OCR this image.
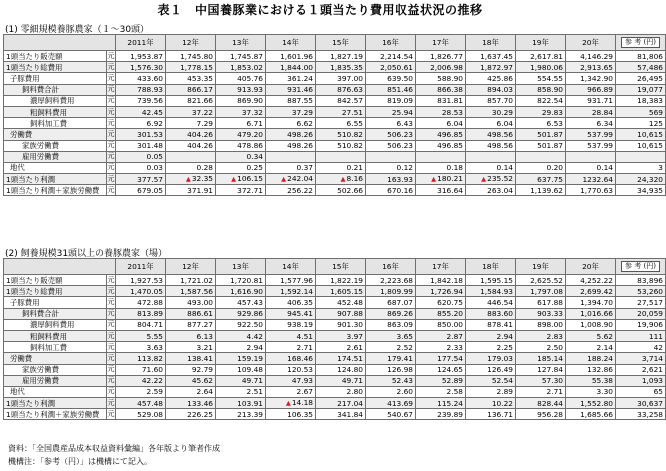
表１　中国養豚業における１頭当たり費用収益状況の推移
(1) 零細規模養豚農家（１〜30頭）
		2011年	12年	13年	14年	15年	16年	17年	18年	19年	20年	参 考 (円)
1頭当たり販売額	元	1,953.87	1,745.80	1,745.87	1,601.96	1,827.19	2,214.54	1,826.77	1,637.45	2,617.81	4,146.29	81,806
1頭当たり総費用	元	1,576.30	1,778.15	1,853.02	1,844.00	1,835.35	2,050.61	2,006.98	1,872.97	1,980.06	2,913.65	57,486
子豚費用	元	433.60	453.35	405.76	361.24	397.00	639.50	588.90	425.86	554.55	1,342.90	26,495
飼料費合計	元	788.93	866.17	913.93	931.46	876.63	851.46	866.38	894.03	858.90	966.89	19,077
濃厚飼料費用	元	739.56	821.66	869.90	887.55	842.57	819.09	831.81	857.70	822.54	931.71	18,383
粗飼料費用	元	42.45	37.22	37.32	37.29	27.51	25.94	28.53	30.29	29.83	28.84	569
飼料加工費	元	6.92	7.29	6.71	6.62	6.55	6.43	6.04	6.04	6.53	6.34	125
労働費	元	301.53	404.26	479.20	498.26	510.82	506.23	496.85	498.56	501.87	537.99	10,615
家族労働費	元	301.48	404.26	478.86	498.26	510.82	506.23	496.85	498.56	501.87	537.99	10,615
雇用労働費	元	0.05		0.34								
地代	元	0.03	0.28	0.25	0.37	0.21	0.12	0.18	0.14	0.20	0.14	3
1頭当たり利潤	元	377.57	▲32.35	▲106.15	▲242.04	▲8.16	163.93	▲180.21	▲235.52	637.75	1232.64	24,320
1頭当たり利潤＋家族労働費	元	679.05	371.91	372.71	256.22	502.66	670.16	316.64	263.04	1,139.62	1,770.63	34,935
(2) 飼養規模31頭以上の養豚農家（場）
		2011年	12年	13年	14年	15年	16年	17年	18年	19年	20年	参 考 (円)
1頭当たり販売額	元	1,927.53	1,721.02	1,720.81	1,577.96	1,822.19	2,223.68	1,842.18	1,595.15	2,625.52	4,252.22	83,896
1頭当たり総費用	元	1,470.05	1,587.56	1,616.90	1,592.14	1,605.15	1,809.99	1,726.94	1,584.93	1,797.08	2,699.42	53,260
子豚費用	元	472.88	493.00	457.43	406.35	452.48	687.07	620.75	446.54	617.88	1,394.70	27,517
飼料費合計	元	813.89	886.61	929.86	945.41	907.88	869.26	855.20	883.60	903.33	1,016.66	20,059
濃厚飼料費用	元	804.71	877.27	922.50	938.19	901.30	863.09	850.00	878.41	898.00	1,008.90	19,906
粗飼料費用	元	5.55	6.13	4.42	4.51	3.97	3.65	2.87	2.94	2.83	5.62	111
飼料加工費	元	3.63	3.21	2.94	2.71	2.61	2.52	2.33	2.25	2.50	2.14	42
労働費	元	113.82	138.41	159.19	168.46	174.51	179.41	177.54	179.03	185.14	188.24	3,714
家族労働費	元	71.60	92.79	109.48	120.53	124.80	126.98	124.65	126.49	127.84	132.86	2,621
雇用労働費	元	42.22	45.62	49.71	47.93	49.71	52.43	52.89	52.54	57.30	55.38	1,093
地代	元	2.59	2.64	2.51	2.67	2.80	2.60	2.58	2.89	2.71	3.30	65
1頭当たり利潤	元	457.48	133.46	103.91	▲14.18	217.04	413.69	115.24	10.22	828.44	1,552.80	30,637
1頭当たり利潤＋家族労働費	元	529.08	226.25	213.39	106.35	341.84	540.67	239.89	136.71	956.28	1,685.66	33,258
資料：「全国農産品成本収益資料彙編」各年版より筆者作成
機構注：「参考（円）」は機構にて記入。
